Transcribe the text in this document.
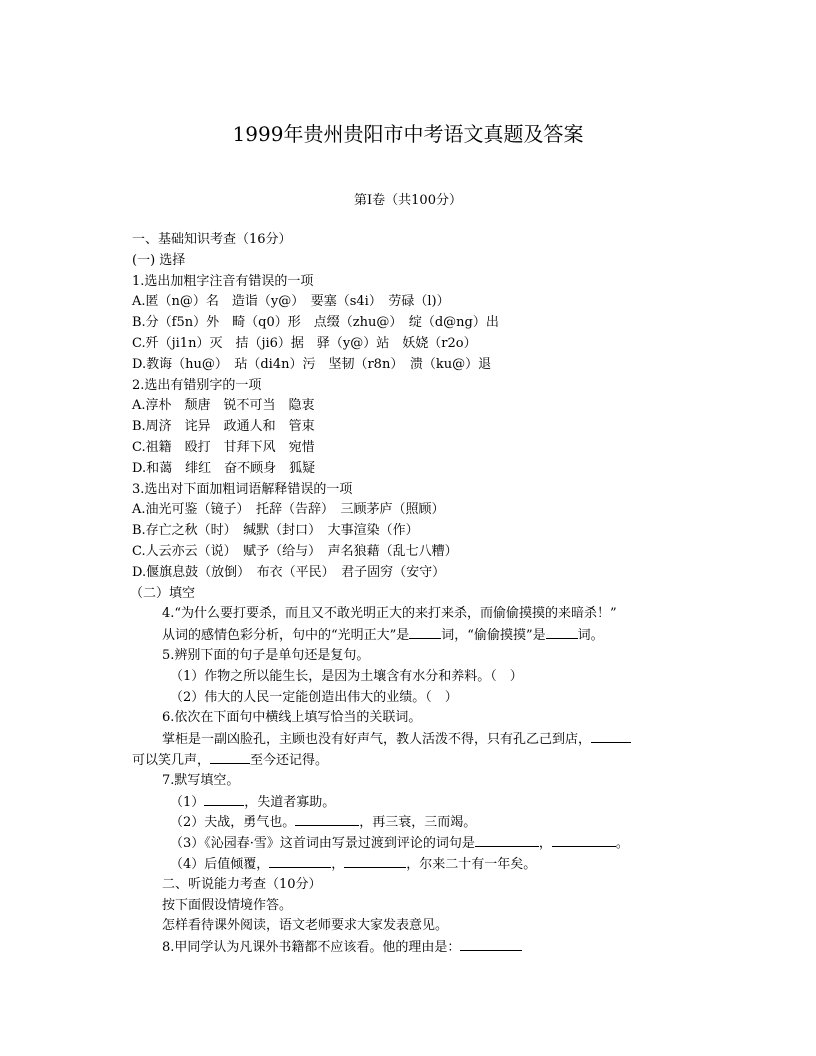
1999年贵州贵阳市中考语文真题及答案
第Ⅰ卷（共100分）
一、基础知识考查（16分）
(一) 选择
1.选出加粗字注音有错误的一项
A.匿（n@）名　造诣（y@）　要塞（s4i）　劳碌（l)）
B.分（f5n）外　畸（q0）形　点缀（zhu@）　绽（d@ng）出
C.歼（ji1n）灭　拮（ji6）据　驿（y@）站　妖娆（r2o）
D.教诲（hu@）　玷（di4n）污　坚韧（r8n）　溃（ku@）退
2.选出有错别字的一项
A.淳朴　颓唐　锐不可当　隐衷
B.周济　诧异　政通人和　管束
C.祖籍　殴打　甘拜下风　宛惜
D.和蔼　绯红　奋不顾身　狐疑
3.选出对下面加粗词语解释错误的一项
A.油光可鉴（镜子）　托辞（告辞）　三顾茅庐（照顾）
B.存亡之秋（时）　缄默（封口）　大事渲染（作）
C.人云亦云（说）　赋予（给与）　声名狼藉（乱七八糟）
D.偃旗息鼓（放倒）　布衣（平民）　君子固穷（安守）
（二）填空
4.“为什么要打要杀，而且又不敢光明正大的来打来杀，而偷偷摸摸的来暗杀！”
从词的感情色彩分析，句中的“光明正大”是 词，“偷偷摸摸”是 词。
5.辨别下面的句子是单句还是复句。
（1）作物之所以能生长，是因为土壤含有水分和养料。（　）
（2）伟大的人民一定能创造出伟大的业绩。（　）
6.依次在下面句中横线上填写恰当的关联词。
掌柜是一副凶脸孔，主顾也没有好声气，教人活泼不得，只有孔乙己到店，
可以笑几声，	至今还记得。
7.默写填空。
（1）	，失道者寡助。
（2）夫战，勇气也。	，再三衰，三而竭。
（3）《沁园春·雪》这首词由写景过渡到评论的词句是	，	。
（4）后值倾覆，	，	，尔来二十有一年矣。
二、听说能力考查（10分）
按下面假设情境作答。
怎样看待课外阅读，语文老师要求大家发表意见。
8.甲同学认为凡课外书籍都不应该看。他的理由是：
